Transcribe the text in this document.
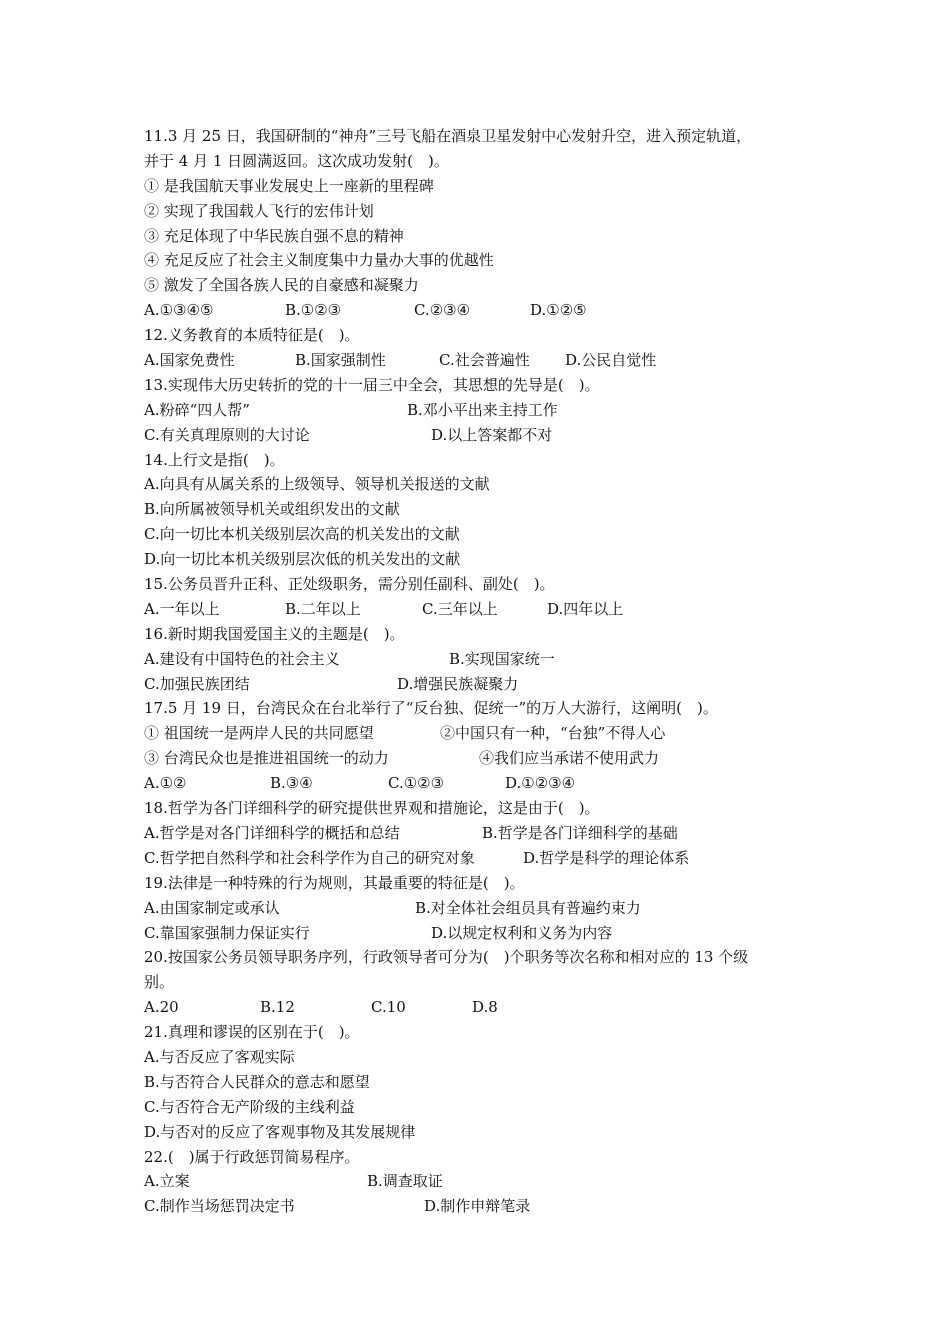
11.3 月 25 日，我国研制的“神舟”三号飞船在酒泉卫星发射中心发射升空，进入预定轨道，
并于 4 月 1 日圆满返回。这次成功发射(　)。
① 是我国航天事业发展史上一座新的里程碑
② 实现了我国载人飞行的宏伟计划
③ 充足体现了中华民族自强不息的精神
④ 充足反应了社会主义制度集中力量办大事的优越性
⑤ 激发了全国各族人民的自豪感和凝聚力
A.①③④⑤	B.①②③	C.②③④	D.①②⑤
12.义务教育的本质特征是(　)。
A.国家免费性	B.国家强制性	C.社会普遍性 D.公民自觉性
13.实现伟大历史转折的党的十一届三中全会，其思想的先导是(　)。
A.粉碎“四人帮”	B.邓小平出来主持工作
C.有关真理原则的大讨论	D.以上答案都不对
14.上行文是指(　)。
A.向具有从属关系的上级领导、领导机关报送的文献
B.向所属被领导机关或组织发出的文献
C.向一切比本机关级别层次高的机关发出的文献
D.向一切比本机关级别层次低的机关发出的文献
15.公务员晋升正科、正处级职务，需分别任副科、副处(　)。
A.一年以上	B.二年以上	C.三年以上	D.四年以上
16.新时期我国爱国主义的主题是(　)。
A.建设有中国特色的社会主义	B.实现国家统一
C.加强民族团结	D.增强民族凝聚力
17.5 月 19 日，台湾民众在台北举行了“反台独、促统一”的万人大游行，这阐明(　)。
① 祖国统一是两岸人民的共同愿望	②中国只有一种，“台独”不得人心
③ 台湾民众也是推进祖国统一的动力	④我们应当承诺不使用武力
A.①②	B.③④	C.①②③	D.①②③④
18.哲学为各门详细科学的研究提供世界观和措施论，这是由于(　)。
A.哲学是对各门详细科学的概括和总结	B.哲学是各门详细科学的基础
C.哲学把自然科学和社会科学作为自己的研究对象	D.哲学是科学的理论体系
19.法律是一种特殊的行为规则，其最重要的特征是(　)。
A.由国家制定或承认	B.对全体社会组员具有普遍约束力
C.靠国家强制力保证实行	D.以规定权利和义务为内容
20.按国家公务员领导职务序列，行政领导者可分为(　)个职务等次名称和相对应的 13 个级
别。
A.20	B.12	C.10	D.8
21.真理和谬误的区别在于(　)。
A.与否反应了客观实际
B.与否符合人民群众的意志和愿望
C.与否符合无产阶级的主线利益
D.与否对的反应了客观事物及其发展规律
22.(　)属于行政惩罚简易程序。
A.立案	B.调查取证
C.制作当场惩罚决定书	D.制作申辩笔录
